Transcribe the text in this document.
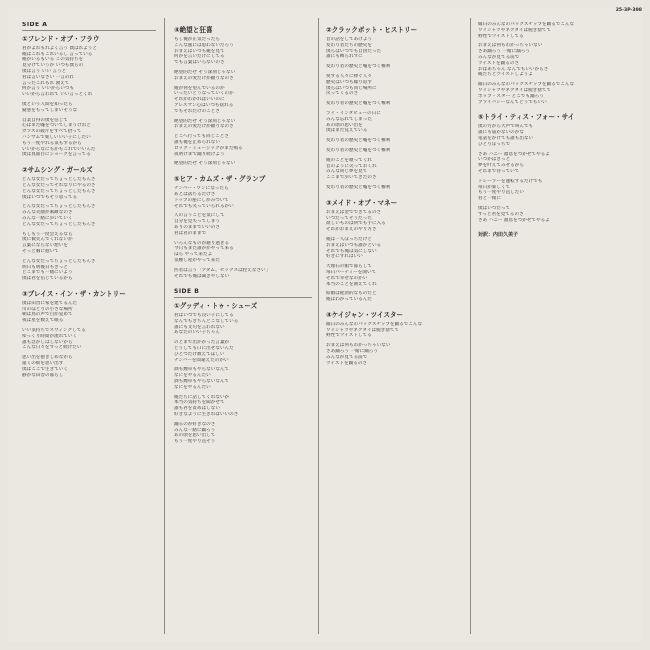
25-3P-398
SIDE A
①フレンド・オブ・フラウ
君がよれもれよく言う 僕はれようと
俺はこれもこれいるし 言っている
俺がいるもいる この気持ちを
見分けていうか いつも僕らの
僕は言う いい 言うと
君は言いなさい 一言のれ
言ったこれもれ 教えて
何か言う いいからいつも
いいから言われて いい言っとくれ
僕という人間を知ったら
疑惑をもってしまいそうな
自業自得の僕を信じて
心はまた嘘をついてしまうけれど
ガラスの破片をすべて拾って
ハンサムで楽しいいい子にしたい
もう一度やれる気もするから
いいからなにもかもこれでいいんだ
僕は真面目にジョークを言ってる
②サムシング・ガールズ
どんな女だってちょっとしたもんさ
どんな女だってそれなりにやるのさ
どんな女だってちょっとしたもんさ
僕はいつでもそう思ってる
どんな女だってちょっとしたもんさ
みんな笑顔が素敵なのさ
みんな一緒に歩いていく
どんな女だってちょっとしたもんさ
もしもう一度会えるなら
僕に微笑んでくれないか
言葉にならない想いを
そっと胸に抱いて
どんな女だってちょっとしたもんさ
明日も明後日もきっと
どこまでも一緒にいよう
僕は君を信じているから
③プレイス・イン・ザ・カントリー
僕は田舎に家を建てるんだ
川のほとりの小さな場所
朝は鳥の声で目が覚めて
夜は星を数えて眠る
いい気持ちでスウィングしてる
ゆっくり時間が流れていく
誰も急かしはしないから
こんな日々をずっと続けたい
思い出を抱きしめながら
遠くの街を思い出す
僕はここで生きていく
静かな田舎の暮らし
④絶望と狂喜
もし俺が正気だったら
こんな風には思わないだろう
おまえはいつも俺を見て
何かを言いたげにしてる
でも言葉はいらないのさ
絶望的だぜ そう深刻じゃない
おまえの愛だけが頼りなのさ
俺が何を望んでいるのか
いったいどうなっていくのか
それがわかればいいのに
アレスマン心はいつも揺れる
でもそれだけのことさ
絶望的だぜ そう深刻じゃない
おまえの愛だけが頼りなのさ
どこへ行っても同じことさ
誰も俺を止められない
ロック・ミュージックがまた鳴る
夜明けまで踊り続けよう
絶望的だぜ そう深刻じゃない
⑤ヒア・カムズ・ザ・グランプ
ナンバー・ワンになったら
あとは落ちるだけさ
トップの座にしがみついて
それでも笑っていられるかい
人の言うことを気にして
自分を見失ってしまう
ありのままでいいのさ
君は君のままで
いろんなものが通り過ぎる
今日もまた誰かがやって来る
ほら やって来たよ
気難し屋がやって来た
医者は言う「アダム、セックスは控えなさい」
それでも俺は聞きやしない
SIDE B
①グッディ・トゥ・シューズ
君はいつでも良い子にしてる
なんでもきちんとこなしている
誰にも文句を言われない
あなたのいい子ちゃん
のどまで出かかった言葉が
どうしても口に出せないんだ
ひとつだけ教えてほしい
ナンバーを間違えたのかい
酒も煙草もやらないなんて
なにをやるんだい
酒も煙草もやらないなんて
なにをやるんだい
俺たちに話してくれないか
本当の気持ちを聞かせて
誰も君を責めはしない
好きなように生きればいいのさ
踊るのが好きなのさ
みんな一緒に踊ろう
あの頃を思い出して
もう一度やり直そう
②クラックボット・ヒストリー
昔の話をしてあげよう
変わり者たちの歴史を
僕らはいつでも自由だった
誰にも縛られずに
変わり者の歴史と嘘をつく権利
愛する人々に捧ぐ人々
歴史はいつも繰り返す
僕らはいつも同じ場所に
戻ってくるのさ
変わり者の歴史と嘘をつく権利
ライ・インタビューの日に
みんな忘れてしまった
あの頃の思い出を
僕はまだ覚えている
変わり者の歴史と嘘をつく権利
変わり者の歴史と嘘をつく権利
俺のことを歌ってくれ
昔のように笑っておくれ
みんな同じ夢を見て
ここまで歩いてきたのさ
変わり者の歴史と嘘をつく権利
③メイド・オブ・マネー
おまえは金でできてるのさ
いつだってそうだった
欲しいものは何でも手に入る
それがおまえのやり方さ
俺は一人ぼっちだけど
おまえはいつも誰かといる
それでも俺は気にしない
好きにすればいい
大理石の館で暮らして
毎日パーティーを開いて
それで幸せなのかい
本当のことを教えてくれ
結婚は経済的なものだと
俺はわかっているんだ
④ケイジャン・ツイスター
縁日のみんなのパックスチップを踊るでこんな
ワイシャツやネクタイは脱ぎ捨てて
野性でツイストしてる
おまえは何もわかっちゃいない
さあ踊ろう 一緒に踊ろう
みんなが見てる前で
ツイストを踊るのさ
縁日のみんなのパックスチップを踊るでこんな
ワイシャツやネクタイは脱ぎ捨てて
野性でツイストしてる
おまえは何もわかっちゃいない
さあ踊ろう 一緒に踊ろう
みんなが見てる前で
ツイストを踊るのさ
おばあちゃん なんでもいいからさ
俺たちとツイストしようよ
縁日のみんなのパックスチップを踊るでこんな
ワイシャツやネクタイは脱ぎ捨てて
ボップ・スター どこでも踊ろう
プライバシーなんてどうでもいい
⑤トライ・ティス・フォー・サイ
僕の方から大声で叫んでも
誰にも届かないのかな
電話をかけても誰も出ない
ひとりぼっちで
さあ ハニー 溜息をつかせてやるよ
いつかはきっと
夢を叶えてみせるから
それまで待っていて
トレーラーを運転するだけでも
毎日が楽しくて
もう一度やり直したい
君と一緒に
僕はいつだって
ずっと君を見てるのさ
さあ ハニー 溜息をつかせてやるよ
対訳：内田久美子
